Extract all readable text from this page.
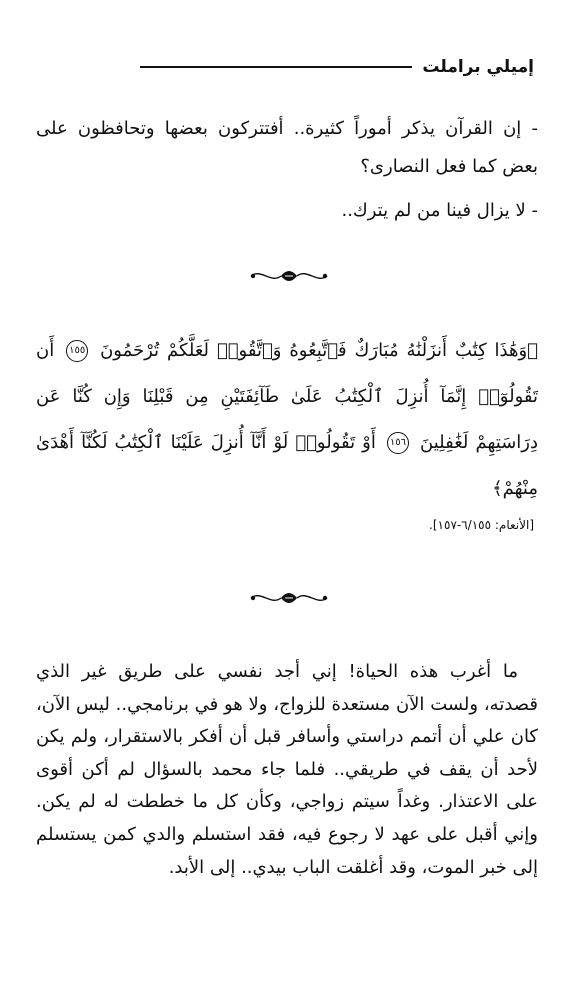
إميلي براملت

- إن القرآن يذكر أموراً كثيرة.. أفتتركون بعضها وتحافظون على بعض كما فعل النصارى؟

- لا يزال فينا من لم يترك..

﴿وَهَٰذَا كِتَٰبٌ أَنزَلْنَٰهُ مُبَارَكٌ فَٱتَّبِعُوهُ وَٱتَّقُوا۟ لَعَلَّكُمْ تُرْحَمُونَ ١٥٥ أَن تَقُولُوٓا۟ إِنَّمَآ أُنزِلَ ٱلْكِتَٰبُ عَلَىٰ طَآئِفَتَيْنِ مِن قَبْلِنَا وَإِن كُنَّا عَن دِرَاسَتِهِمْ لَغَٰفِلِينَ ١٥٦ أَوْ تَقُولُوا۟ لَوْ أَنَّآ أُنزِلَ عَلَيْنَا ٱلْكِتَٰبُ لَكُنَّآ أَهْدَىٰ مِنْهُمْ﴾
[الأنعام: ٦/١٥٥-١٥٧].

ما أغرب هذه الحياة! إني أجد نفسي على طريق غير الذي قصدته، ولست الآن مستعدة للزواج، ولا هو في برنامجي.. ليس الآن، كان علي أن أتمم دراستي وأسافر قبل أن أفكر بالاستقرار، ولم يكن لأحد أن يقف في طريقي.. فلما جاء محمد بالسؤال لم أكن أقوى على الاعتذار. وغداً سيتم زواجي، وكأن كل ما خططت له لم يكن. وإني أقبل على عهد لا رجوع فيه، فقد استسلم والدي كمن يستسلم إلى خبر الموت، وقد أغلقت الباب بيدي.. إلى الأبد.
